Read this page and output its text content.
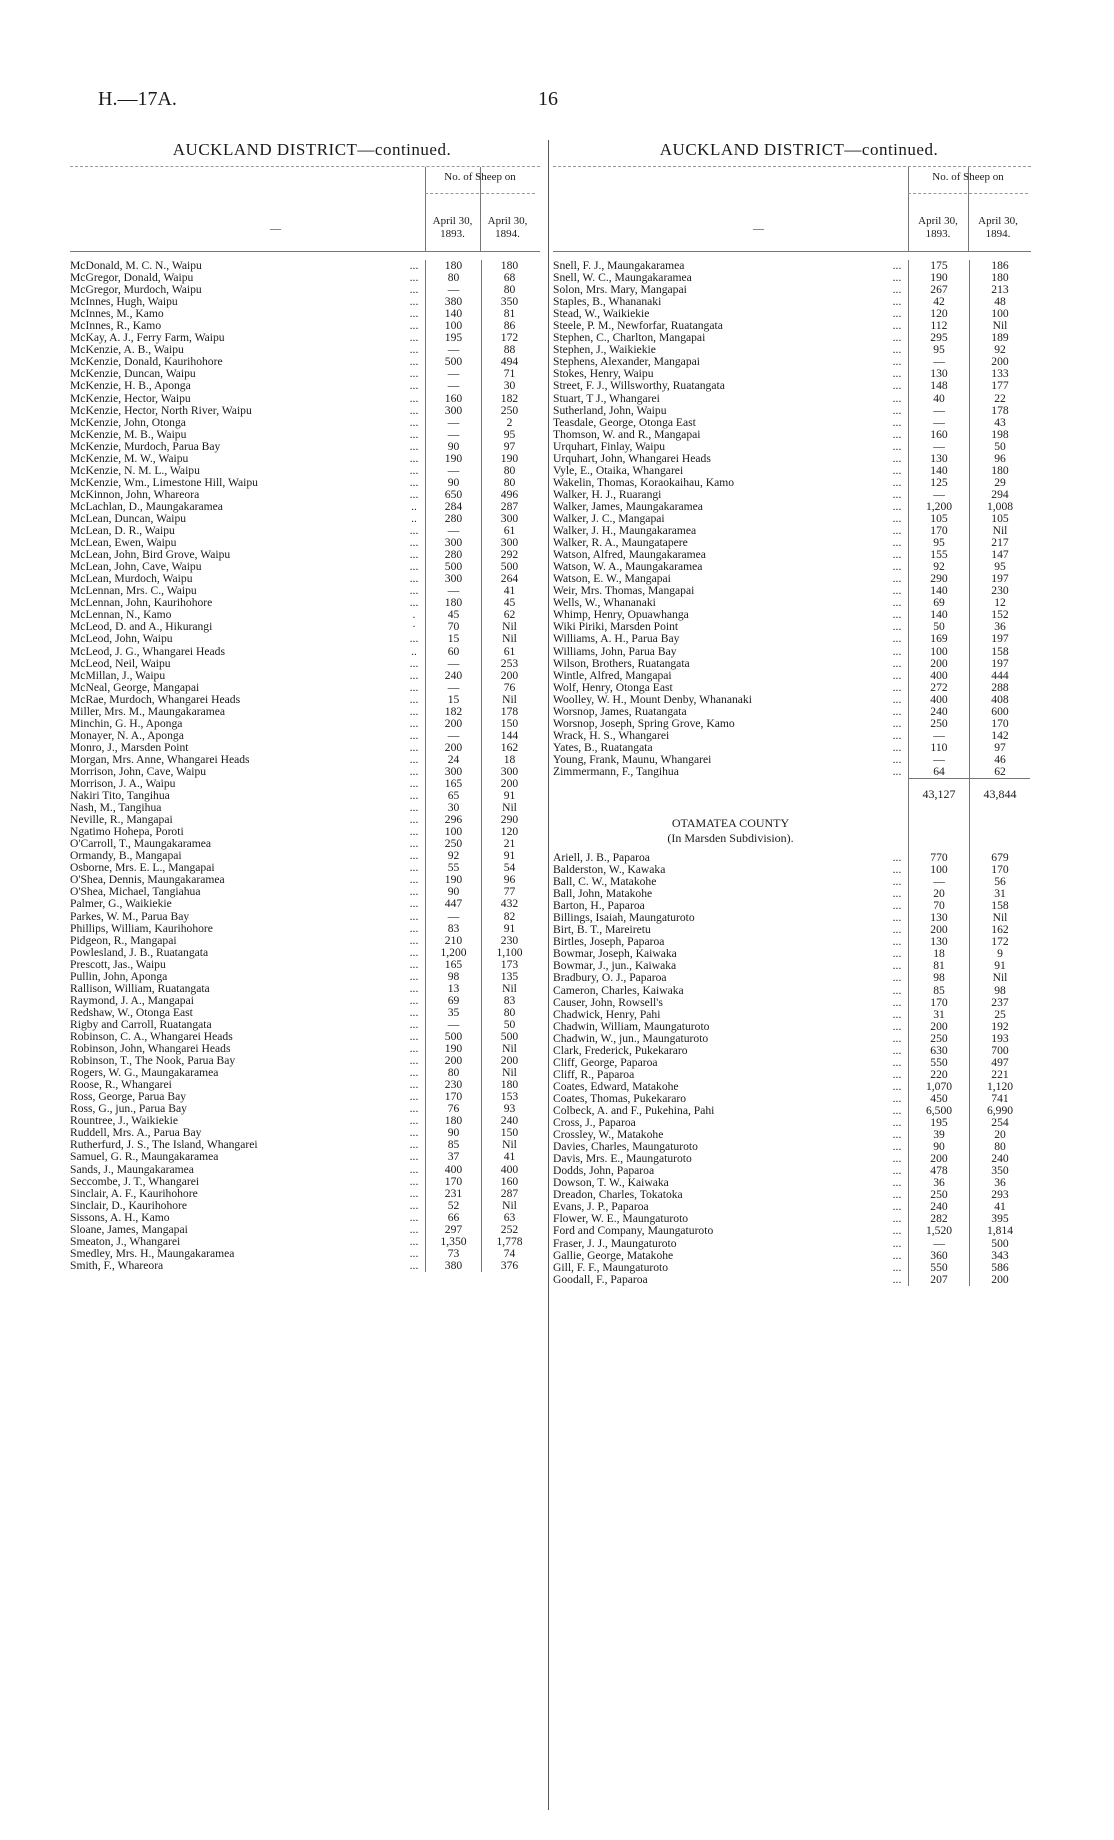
H.—17A.	16
AUCKLAND DISTRICT—continued.
No. of Sheep on
—
April 30, 1893.
April 30, 1894.
McDonald, M. C. N., Waipu	...	180	180
McGregor, Donald, Waipu	...	80	68
McGregor, Murdoch, Waipu	...	—	80
McInnes, Hugh, Waipu	...	380	350
McInnes, M., Kamo	...	140	81
McInnes, R., Kamo	...	100	86
McKay, A. J., Ferry Farm, Waipu	...	195	172
McKenzie, A. B., Waipu	...	—	88
McKenzie, Donald, Kaurihohore	...	500	494
McKenzie, Duncan, Waipu	...	—	71
McKenzie, H. B., Aponga	...	—	30
McKenzie, Hector, Waipu	...	160	182
McKenzie, Hector, North River, Waipu	...	300	250
McKenzie, John, Otonga	...	—	2
McKenzie, M. B., Waipu	...	—	95
McKenzie, Murdoch, Parua Bay	...	90	97
McKenzie, M. W., Waipu	...	190	190
McKenzie, N. M. L., Waipu	...	—	80
McKenzie, Wm., Limestone Hill, Waipu	...	90	80
McKinnon, John, Whareora	...	650	496
McLachlan, D., Maungakaramea	..	284	287
McLean, Duncan, Waipu	..	280	300
McLean, D. R., Waipu	...	—	61
McLean, Ewen, Waipu	...	300	300
McLean, John, Bird Grove, Waipu	...	280	292
McLean, John, Cave, Waipu	...	500	500
McLean, Murdoch, Waipu	...	300	264
McLennan, Mrs. C., Waipu	...	—	41
McLennan, John, Kaurihohore	...	180	45
McLennan, N., Kamo	.	45	62
McLeod, D. and A., Hikurangi	·	70	Nil
McLeod, John, Waipu	...	15	Nil
McLeod, J. G., Whangarei Heads	..	60	61
McLeod, Neil, Waipu	...	—	253
McMillan, J., Waipu	...	240	200
McNeal, George, Mangapai	...	—	76
McRae, Murdoch, Whangarei Heads	...	15	Nil
Miller, Mrs. M., Maungakaramea	...	182	178
Minchin, G. H., Aponga	...	200	150
Monayer, N. A., Aponga	...	—	144
Monro, J., Marsden Point	...	200	162
Morgan, Mrs. Anne, Whangarei Heads	...	24	18
Morrison, John, Cave, Waipu	...	300	300
Morrison, J. A., Waipu	...	165	200
Nakiri Tito, Tangihua	...	65	91
Nash, M., Tangihua	...	30	Nil
Neville, R., Mangapai	...	296	290
Ngatimo Hohepa, Poroti	...	100	120
O'Carroll, T., Maungakaramea	...	250	21
Ormandy, B., Mangapai	...	92	91
Osborne, Mrs. E. L., Mangapai	...	55	54
O'Shea, Dennis, Maungakaramea	...	190	96
O'Shea, Michael, Tangiahua	...	90	77
Palmer, G., Waikiekie	...	447	432
Parkes, W. M., Parua Bay	...	—	82
Phillips, William, Kaurihohore	...	83	91
Pidgeon, R., Mangapai	...	210	230
Powlesland, J. B., Ruatangata	...	1,200	1,100
Prescott, Jas., Waipu	...	165	173
Pullin, John, Aponga	...	98	135
Rallison, William, Ruatangata	...	13	Nil
Raymond, J. A., Mangapai	...	69	83
Redshaw, W., Otonga East	...	35	80
Rigby and Carroll, Ruatangata	...	—	50
Robinson, C. A., Whangarei Heads	...	500	500
Robinson, John, Whangarei Heads	...	190	Nil
Robinson, T., The Nook, Parua Bay	...	200	200
Rogers, W. G., Maungakaramea	...	80	Nil
Roose, R., Whangarei	...	230	180
Ross, George, Parua Bay	...	170	153
Ross, G., jun., Parua Bay	...	76	93
Rountree, J., Waikiekie	...	180	240
Ruddell, Mrs. A., Parua Bay	...	90	150
Rutherfurd, J. S., The Island, Whangarei	...	85	Nil
Samuel, G. R., Maungakaramea	...	37	41
Sands, J., Maungakaramea	...	400	400
Seccombe, J. T., Whangarei	...	170	160
Sinclair, A. F., Kaurihohore	...	231	287
Sinclair, D., Kaurihohore	...	52	Nil
Sissons, A. H., Kamo	...	66	63
Sloane, James, Mangapai	...	297	252
Smeaton, J., Whangarei	...	1,350	1,778
Smedley, Mrs. H., Maungakaramea	...	73	74
Smith, F., Whareora	...	380	376
AUCKLAND DISTRICT—continued.
No. of Sheep on
—
April 30, 1893.
April 30, 1894.
Snell, F. J., Maungakaramea	...	175	186
Snell, W. C., Maungakaramea	...	190	180
Solon, Mrs. Mary, Mangapai	...	267	213
Staples, B., Whananaki	...	42	48
Stead, W., Waikiekie	...	120	100
Steele, P. M., Newforfar, Ruatangata	...	112	Nil
Stephen, C., Charlton, Mangapai	...	295	189
Stephen, J., Waikiekie	...	95	92
Stephens, Alexander, Mangapai	...	—	200
Stokes, Henry, Waipu	...	130	133
Street, F. J., Willsworthy, Ruatangata	...	148	177
Stuart, T J., Whangarei	...	40	22
Sutherland, John, Waipu	...	—	178
Teasdale, George, Otonga East	...	—	43
Thomson, W. and R., Mangapai	...	160	198
Urquhart, Finlay, Waipu	...	—	50
Urquhart, John, Whangarei Heads	...	130	96
Vyle, E., Otaika, Whangarei	...	140	180
Wakelin, Thomas, Koraokaihau, Kamo	...	125	29
Walker, H. J., Ruarangi	...	—	294
Walker, James, Maungakaramea	...	1,200	1,008
Walker, J. C., Mangapai	...	105	105
Walker, J. H., Maungakaramea	...	170	Nil
Walker, R. A., Maungatapere	...	95	217
Watson, Alfred, Maungakaramea	...	155	147
Watson, W. A., Maungakaramea	...	92	95
Watson, E. W., Mangapai	...	290	197
Weir, Mrs. Thomas, Mangapai	...	140	230
Wells, W., Whananaki	...	69	12
Whimp, Henry, Opuawhanga	...	140	152
Wiki Piriki, Marsden Point	...	50	36
Williams, A. H., Parua Bay	...	169	197
Williams, John, Parua Bay	...	100	158
Wilson, Brothers, Ruatangata	...	200	197
Wintle, Alfred, Mangapai	...	400	444
Wolf, Henry, Otonga East	...	272	288
Woolley, W. H., Mount Denby, Whananaki	...	400	408
Worsnop, James, Ruatangata	...	240	600
Worsnop, Joseph, Spring Grove, Kamo	...	250	170
Wrack, H. S., Whangarei	...	—	142
Yates, B., Ruatangata	...	110	97
Young, Frank, Maunu, Whangarei	...	—	46
Zimmermann, F., Tangihua	...	64	62
43,127	43,844
OTAMATEA COUNTY
(In Marsden Subdivision).
Ariell, J. B., Paparoa	...	770	679
Balderston, W., Kawaka	...	100	170
Ball, C. W., Matakohe	...	—	56
Ball, John, Matakohe	...	20	31
Barton, H., Paparoa	...	70	158
Billings, Isaiah, Maungaturoto	...	130	Nil
Birt, B. T., Mareiretu	...	200	162
Birtles, Joseph, Paparoa	...	130	172
Bowmar, Joseph, Kaiwaka	...	18	9
Bowmar, J., jun., Kaiwaka	...	81	91
Bradbury, O. J., Paparoa	...	98	Nil
Cameron, Charles, Kaiwaka	...	85	98
Causer, John, Rowsell's	...	170	237
Chadwick, Henry, Pahi	...	31	25
Chadwin, William, Maungaturoto	...	200	192
Chadwin, W., jun., Maungaturoto	...	250	193
Clark, Frederick, Pukekararo	...	630	700
Cliff, George, Paparoa	...	550	497
Cliff, R., Paparoa	...	220	221
Coates, Edward, Matakohe	...	1,070	1,120
Coates, Thomas, Pukekararo	...	450	741
Colbeck, A. and F., Pukehina, Pahi	...	6,500	6,990
Cross, J., Paparoa	...	195	254
Crossley, W., Matakohe	...	39	20
Davies, Charles, Maungaturoto	...	90	80
Davis, Mrs. E., Maungaturoto	...	200	240
Dodds, John, Paparoa	...	478	350
Dowson, T. W., Kaiwaka	...	36	36
Dreadon, Charles, Tokatoka	...	250	293
Evans, J. P., Paparoa	...	240	41
Flower, W. E., Maungaturoto	...	282	395
Ford and Company, Maungaturoto	...	1,520	1,814
Fraser, J. J., Maungaturoto	...	—	500
Gallie, George, Matakohe	...	360	343
Gill, F. F., Maungaturoto	...	550	586
Goodall, F., Paparoa	...	207	200
